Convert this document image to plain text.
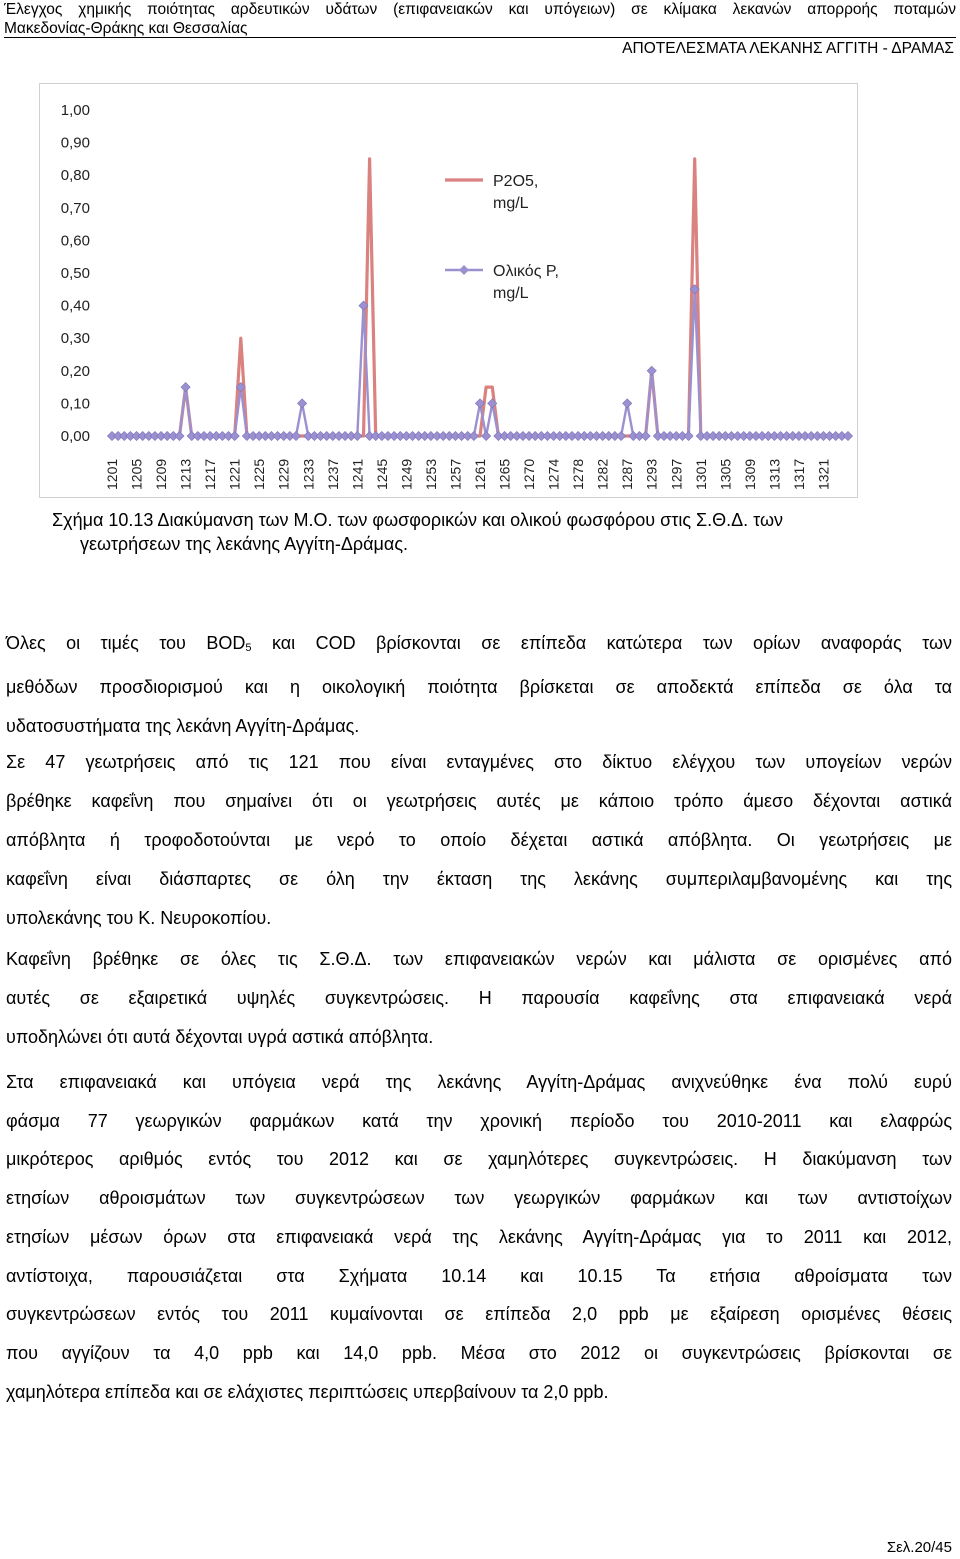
Έλεγχος χημικής ποιότητας αρδευτικών υδάτων (επιφανειακών και υπόγειων) σε κλίμακα λεκανών απορροής ποταμών
Μακεδονίας-Θράκης και Θεσσαλίας
ΑΠΟΤΕΛΕΣΜΑΤΑ ΛΕΚΑΝΗΣ ΑΓΓΙΤΗ - ΔΡΑΜΑΣ
0,00
0,10
0,20
0,30
0,40
0,50
0,60
0,70
0,80
0,90
1,00
1201 1205 1209 1213 1217 1221 1225 1229 1233 1237 1241 1245 1249 1253 1257 1261 1265 1270 1274 1278 1282 1287 1293 1297 1301 1305 1309 1313 1317 1321
P2O5,
mg/L
Ολικός Ρ,
mg/L
Σχήμα 10.13 Διακύμανση των Μ.Ο. των φωσφορικών και ολικού φωσφόρου στις Σ.Θ.Δ. των
γεωτρήσεων της λεκάνης Αγγίτη-Δράμας.
Όλες οι τιμές του $BOD_5$ και COD βρίσκονται σε επίπεδα κατώτερα των ορίων αναφοράς των
μεθόδων προσδιορισμού και η οικολογική ποιότητα βρίσκεται σε αποδεκτά επίπεδα σε όλα τα
υδατοσυστήματα της λεκάνη Αγγίτη-Δράμας.
Σε 47 γεωτρήσεις από τις 121 που είναι ενταγμένες στο δίκτυο ελέγχου των υπογείων νερών
βρέθηκε καφεΐνη που σημαίνει ότι οι γεωτρήσεις αυτές με κάποιο τρόπο άμεσο δέχονται αστικά
απόβλητα ή τροφοδοτούνται με νερό το οποίο δέχεται αστικά απόβλητα. Οι γεωτρήσεις με
καφεΐνη είναι διάσπαρτες σε όλη την έκταση της λεκάνης συμπεριλαμβανομένης και της
υπολεκάνης του Κ. Νευροκοπίου.
Καφεΐνη βρέθηκε σε όλες τις Σ.Θ.Δ. των επιφανειακών νερών και μάλιστα σε ορισμένες από
αυτές σε εξαιρετικά υψηλές συγκεντρώσεις. Η παρουσία καφεΐνης στα επιφανειακά νερά
υποδηλώνει ότι αυτά δέχονται υγρά αστικά απόβλητα.
Στα επιφανειακά και υπόγεια νερά της λεκάνης Αγγίτη-Δράμας ανιχνεύθηκε ένα πολύ ευρύ
φάσμα 77 γεωργικών φαρμάκων κατά την χρονική περίοδο του 2010-2011 και ελαφρώς
μικρότερος αριθμός εντός του 2012 και σε χαμηλότερες συγκεντρώσεις. Η διακύμανση των
ετησίων αθροισμάτων των συγκεντρώσεων των γεωργικών φαρμάκων και των αντιστοίχων
ετησίων μέσων όρων στα επιφανειακά νερά της λεκάνης Αγγίτη-Δράμας για το 2011 και 2012,
αντίστοιχα, παρουσιάζεται στα Σχήματα 10.14 και 10.15 Τα ετήσια αθροίσματα των
συγκεντρώσεων εντός του 2011 κυμαίνονται σε επίπεδα 2,0 ppb με εξαίρεση ορισμένες θέσεις
που αγγίζουν τα 4,0 ppb και 14,0 ppb. Μέσα στο 2012 οι συγκεντρώσεις βρίσκονται σε
χαμηλότερα επίπεδα και σε ελάχιστες περιπτώσεις υπερβαίνουν τα 2,0 ppb.
Σελ.20/45
